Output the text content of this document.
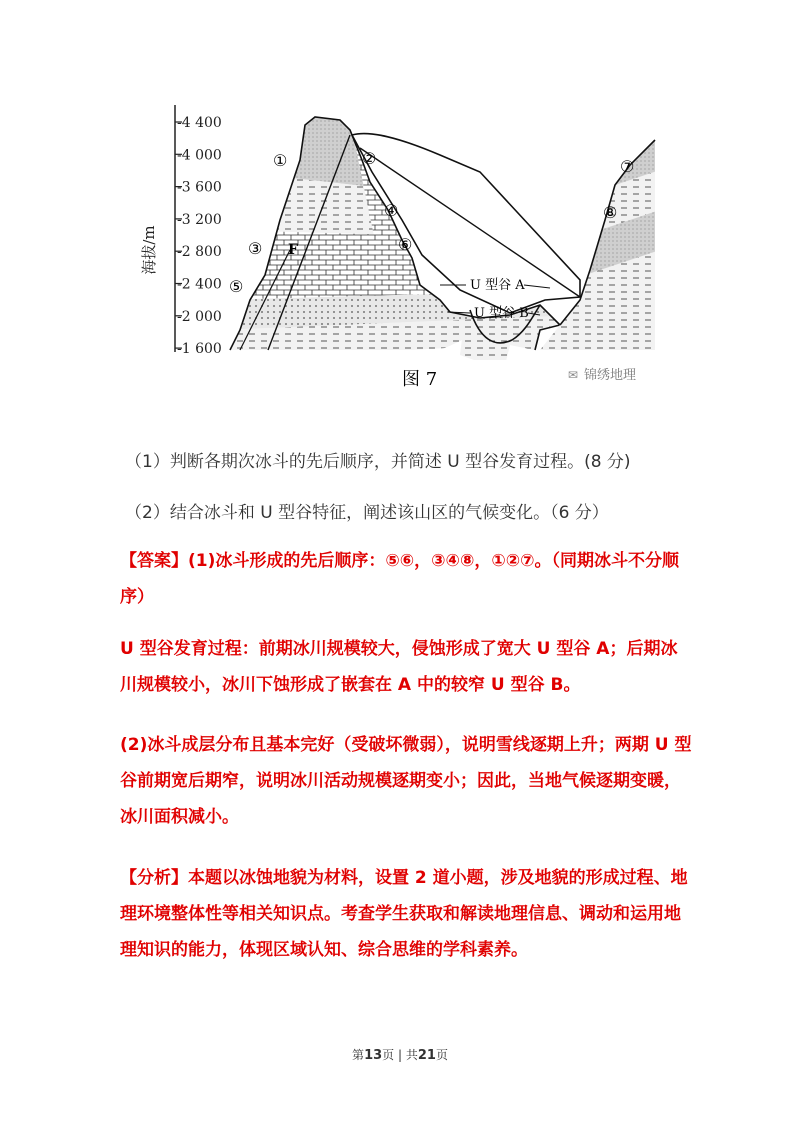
-4 400
-4 000
-3 600
-3 200
-2 800
-2 400
-2 000
-1 600
海拔/m
①	②
③
④
⑤
⑥
⑦
⑧
F
U 型谷 A
U 型谷 B
图 7	✉ 锦绣地理
（1）判断各期次冰斗的先后顺序，并简述 U 型谷发育过程。(8 分)
（2）结合冰斗和 U 型谷特征，阐述该山区的气候变化。（6 分）
【答案】(1)冰斗形成的先后顺序：⑤⑥，③④⑧，①②⑦。（同期冰斗不分顺序）
U 型谷发育过程：前期冰川规模较大，侵蚀形成了宽大 U 型谷 A；后期冰川规模较小，冰川下蚀形成了嵌套在 A 中的较窄 U 型谷 B。
(2)冰斗成层分布且基本完好（受破坏微弱），说明雪线逐期上升；两期 U 型谷前期宽后期窄，说明冰川活动规模逐期变小；因此，当地气候逐期变暖，冰川面积减小。
【分析】本题以冰蚀地貌为材料，设置 2 道小题，涉及地貌的形成过程、地理环境整体性等相关知识点。考查学生获取和解读地理信息、调动和运用地理知识的能力，体现区域认知、综合思维的学科素养。
第13页 | 共21页
